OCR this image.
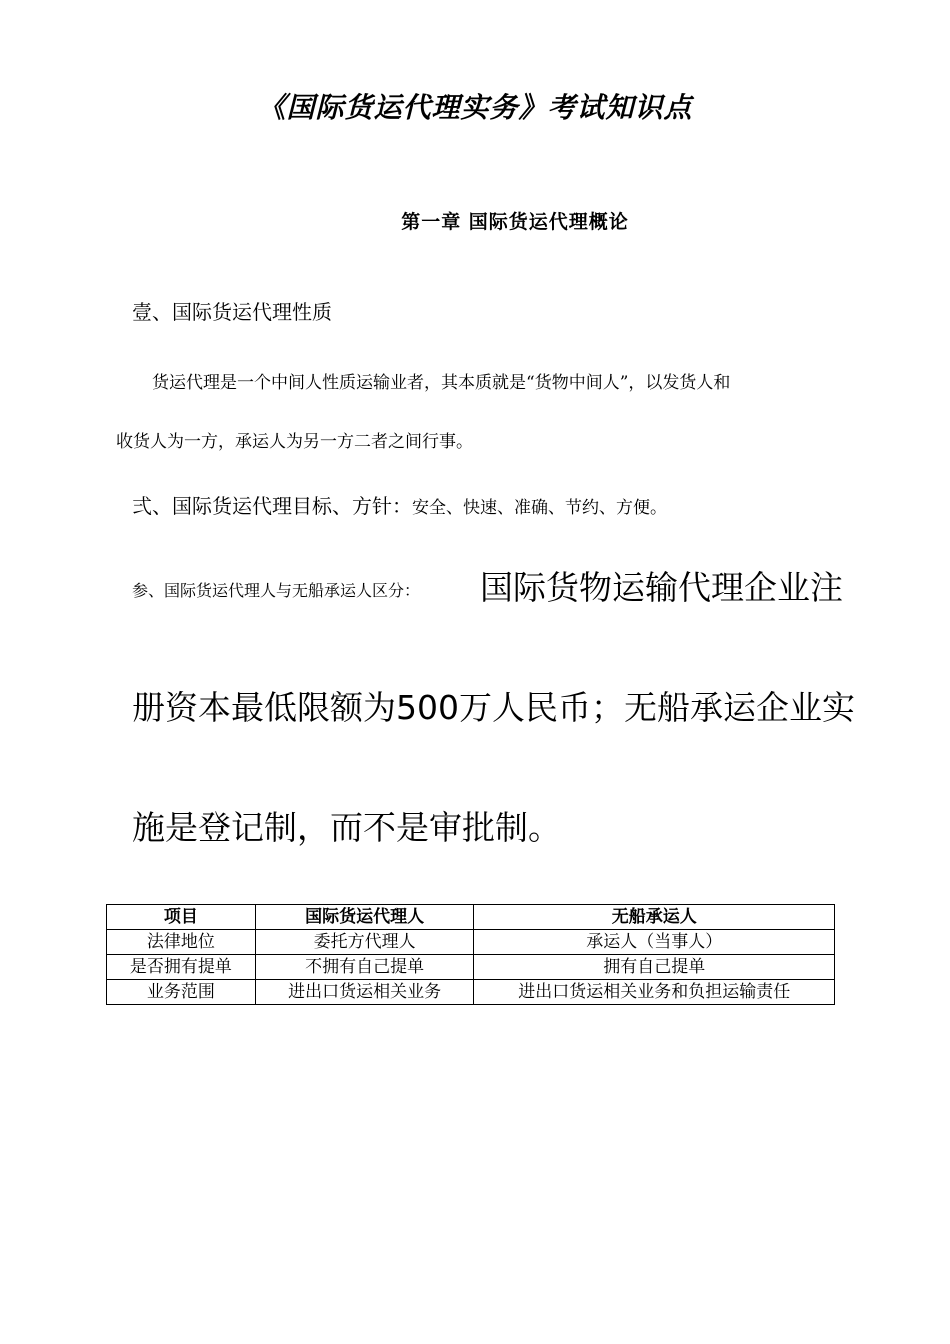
《国际货运代理实务》考试知识点
第一章 国际货运代理概论

壹、国际货运代理性质

货运代理是一个中间人性质运输业者，其本质就是“货物中间人”，以发货人和

收货人为一方，承运人为另一方二者之间行事。

弍、国际货运代理目标、方针：安全、快速、准确、节约、方便。

参、国际货运代理人与无船承运人区分： 国际货物运输代理企业注

册资本最低限额为500万人民币；无船承运企业实

施是登记制，而不是审批制。

项目	国际货运代理人	无船承运人
法律地位	委托方代理人	承运人（当事人）
是否拥有提单	不拥有自己提单	拥有自己提单
业务范围	进出口货运相关业务	进出口货运相关业务和负担运输责任
